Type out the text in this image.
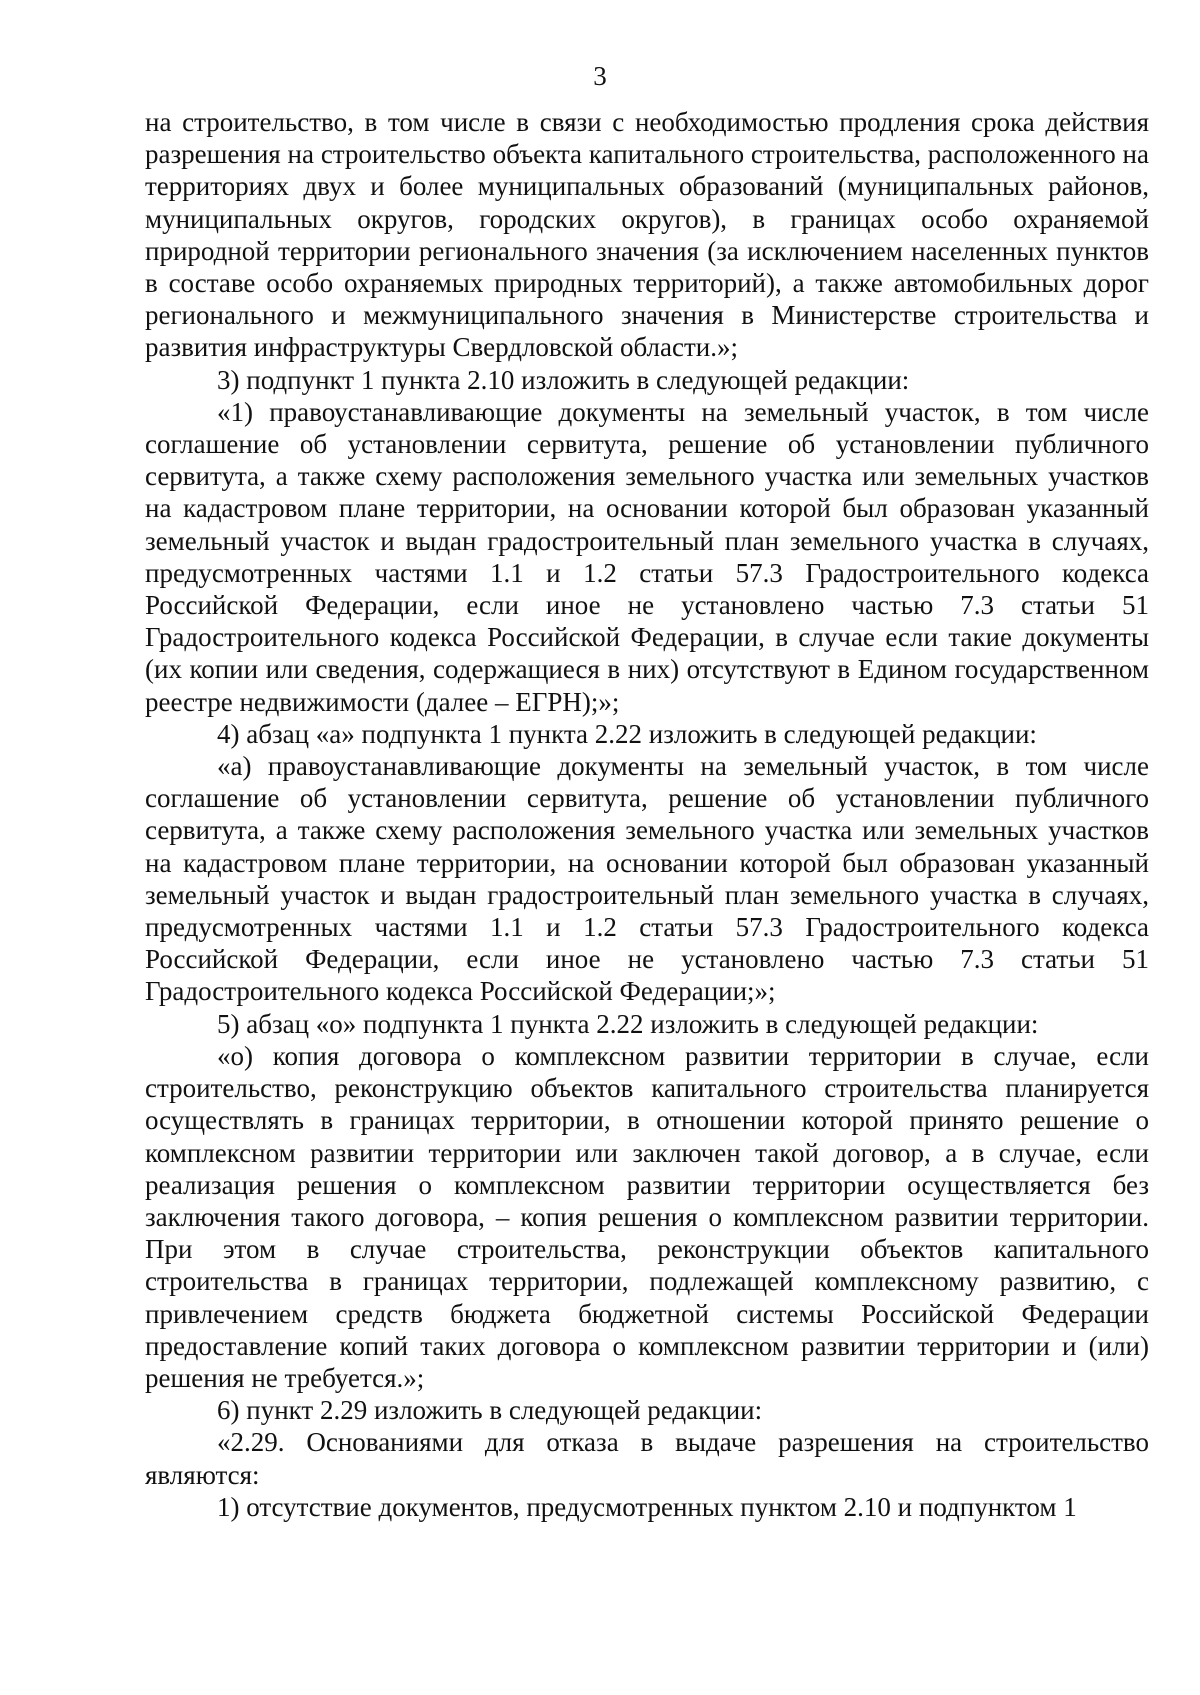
3

на строительство, в том числе в связи с необходимостью продления срока действия разрешения на строительство объекта капитального строительства, расположенного на территориях двух и более муниципальных образований (муниципальных районов, муниципальных округов, городских округов), в границах особо охраняемой природной территории регионального значения (за исключением населенных пунктов в составе особо охраняемых природных территорий), а также автомобильных дорог регионального и межмуниципального значения в Министерстве строительства и развития инфраструктуры Свердловской области.»;

3) подпункт 1 пункта 2.10 изложить в следующей редакции:

«1) правоустанавливающие документы на земельный участок, в том числе соглашение об установлении сервитута, решение об установлении публичного сервитута, а также схему расположения земельного участка или земельных участков на кадастровом плане территории, на основании которой был образован указанный земельный участок и выдан градостроительный план земельного участка в случаях, предусмотренных частями 1.1 и 1.2 статьи 57.3 Градостроительного кодекса Российской Федерации, если иное не установлено частью 7.3 статьи 51 Градостроительного кодекса Российской Федерации, в случае если такие документы (их копии или сведения, содержащиеся в них) отсутствуют в Едином государственном реестре недвижимости (далее – ЕГРН);»;

4) абзац «а» подпункта 1 пункта 2.22 изложить в следующей редакции:

«а) правоустанавливающие документы на земельный участок, в том числе соглашение об установлении сервитута, решение об установлении публичного сервитута, а также схему расположения земельного участка или земельных участков на кадастровом плане территории, на основании которой был образован указанный земельный участок и выдан градостроительный план земельного участка в случаях, предусмотренных частями 1.1 и 1.2 статьи 57.3 Градостроительного кодекса Российской Федерации, если иное не установлено частью 7.3 статьи 51 Градостроительного кодекса Российской Федерации;»;

5) абзац «о» подпункта 1 пункта 2.22 изложить в следующей редакции:

«о) копия договора о комплексном развитии территории в случае, если строительство, реконструкцию объектов капитального строительства планируется осуществлять в границах территории, в отношении которой принято решение о комплексном развитии территории или заключен такой договор, а в случае, если реализация решения о комплексном развитии территории осуществляется без заключения такого договора, – копия решения о комплексном развитии территории. При этом в случае строительства, реконструкции объектов капитального строительства в границах территории, подлежащей комплексному развитию, с привлечением средств бюджета бюджетной системы Российской Федерации предоставление копий таких договора о комплексном развитии территории и (или) решения не требуется.»;

6) пункт 2.29 изложить в следующей редакции:

«2.29. Основаниями для отказа в выдаче разрешения на строительство являются:

1) отсутствие документов, предусмотренных пунктом 2.10 и подпунктом 1
